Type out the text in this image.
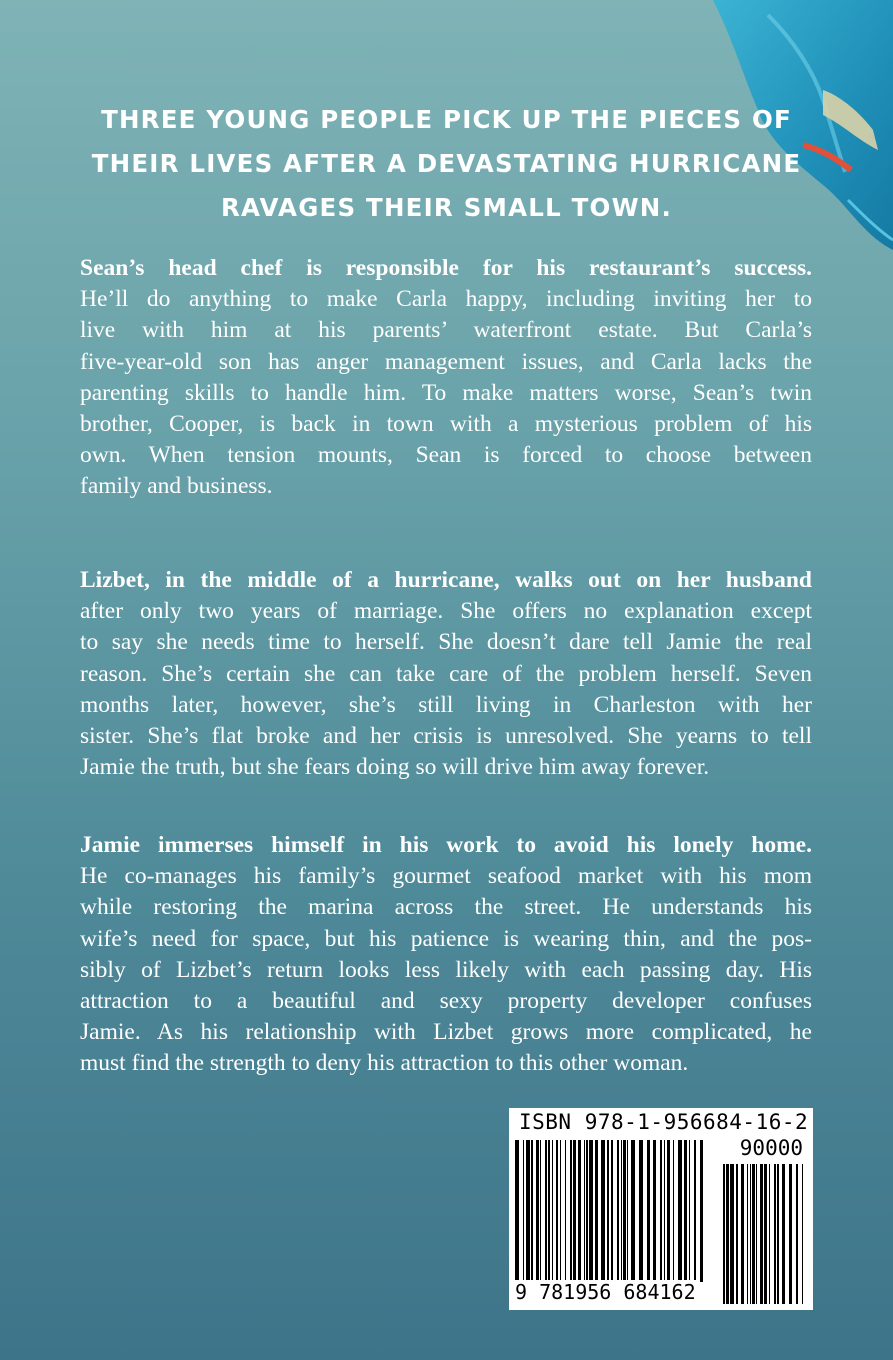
THREE YOUNG PEOPLE PICK UP THE PIECES OF
THEIR LIVES AFTER A DEVASTATING HURRICANE
RAVAGES THEIR SMALL TOWN.
Sean’s head chef is responsible for his restaurant’s success.
He’ll do anything to make Carla happy, including inviting her to
live with him at his parents’ waterfront estate. But Carla’s
five-year-old son has anger management issues, and Carla lacks the
parenting skills to handle him. To make matters worse, Sean’s twin
brother, Cooper, is back in town with a mysterious problem of his
own. When tension mounts, Sean is forced to choose between
family and business.
Lizbet, in the middle of a hurricane, walks out on her husband
after only two years of marriage. She offers no explanation except
to say she needs time to herself. She doesn’t dare tell Jamie the real
reason. She’s certain she can take care of the problem herself. Seven
months later, however, she’s still living in Charleston with her
sister. She’s flat broke and her crisis is unresolved. She yearns to tell
Jamie the truth, but she fears doing so will drive him away forever.
Jamie immerses himself in his work to avoid his lonely home.
He co-manages his family’s gourmet seafood market with his mom
while restoring the marina across the street. He understands his
wife’s need for space, but his patience is wearing thin, and the pos-
sibly of Lizbet’s return looks less likely with each passing day. His
attraction to a beautiful and sexy property developer confuses
Jamie. As his relationship with Lizbet grows more complicated, he
must find the strength to deny his attraction to this other woman.
ISBN 978-1-956684-16-2
90000
9 781956 684162
